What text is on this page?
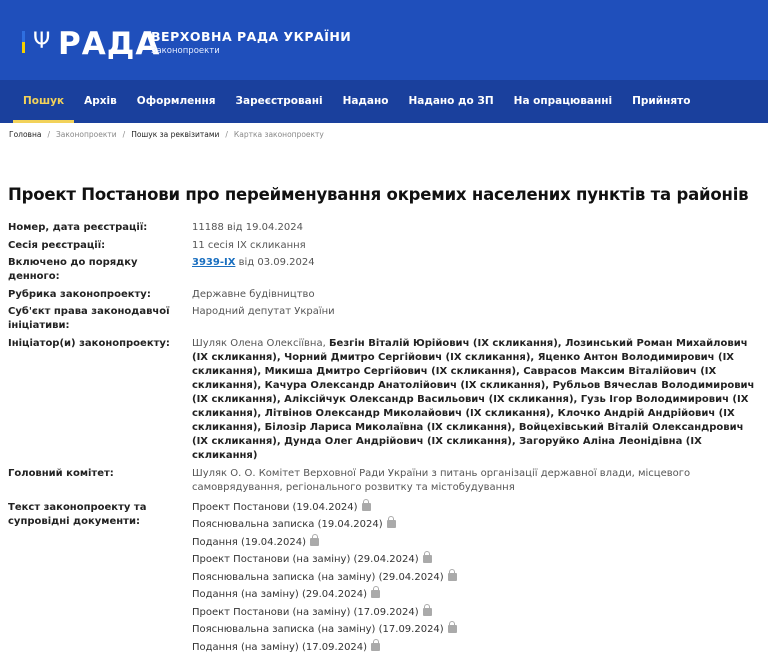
Ψ РАДА
ВЕРХОВНА РАДА УКРАЇНИ
Законопроекти
Пошук	Архів	Оформлення	Зареєстровані	Надано	Надано до ЗП	На опрацюванні	Прийнято
Головна / Законопроекти / Пошук за реквізитами / Картка законопроекту
Проект Постанови про перейменування окремих населених пунктів та районів
Номер, дата реєстрації:	11188 від 19.04.2024
Сесія реєстрації:	11 сесія IX скликання
Включено до порядку денного:
3939-IX від 03.09.2024
Рубрика законопроекту:	Державне будівництво
Суб'єкт права законодавчої ініціативи:
Народний депутат України
Ініціатор(и) законопроекту:	Шуляк Олена Олексіївна, Безгін Віталій Юрійович (IX скликання), Лозинський Роман Михайлович (IX скликання), Чорний Дмитро Сергійович (IX скликання), Яценко Антон Володимирович (IX скликання), Микиша Дмитро Сергійович (IX скликання), Саврасов Максим Віталійович (IX скликання), Качура Олександр Анатолійович (IX скликання), Рубльов Вячеслав Володимирович (IX скликання), Аліксійчук Олександр Васильович (IX скликання), Гузь Ігор Володимирович (IX скликання), Літвінов Олександр Миколайович (IX скликання), Клочко Андрій Андрійович (IX скликання), Білозір Лариса Миколаївна (IX скликання), Войцехівський Віталій Олександрович (IX скликання), Дунда Олег Андрійович (IX скликання), Загоруйко Аліна Леонідівна (IX скликання)
Головний комітет:	Шуляк О. О. Комітет Верховної Ради України з питань організації державної влади, місцевого самоврядування, регіонального розвитку та містобудування
Текст законопроекту та супровідні документи:
Проект Постанови (19.04.2024)
Пояснювальна записка (19.04.2024)
Подання (19.04.2024)
Проект Постанови (на заміну) (29.04.2024)
Пояснювальна записка (на заміну) (29.04.2024)
Подання (на заміну) (29.04.2024)
Проект Постанови (на заміну) (17.09.2024)
Пояснювальна записка (на заміну) (17.09.2024)
Подання (на заміну) (17.09.2024)
